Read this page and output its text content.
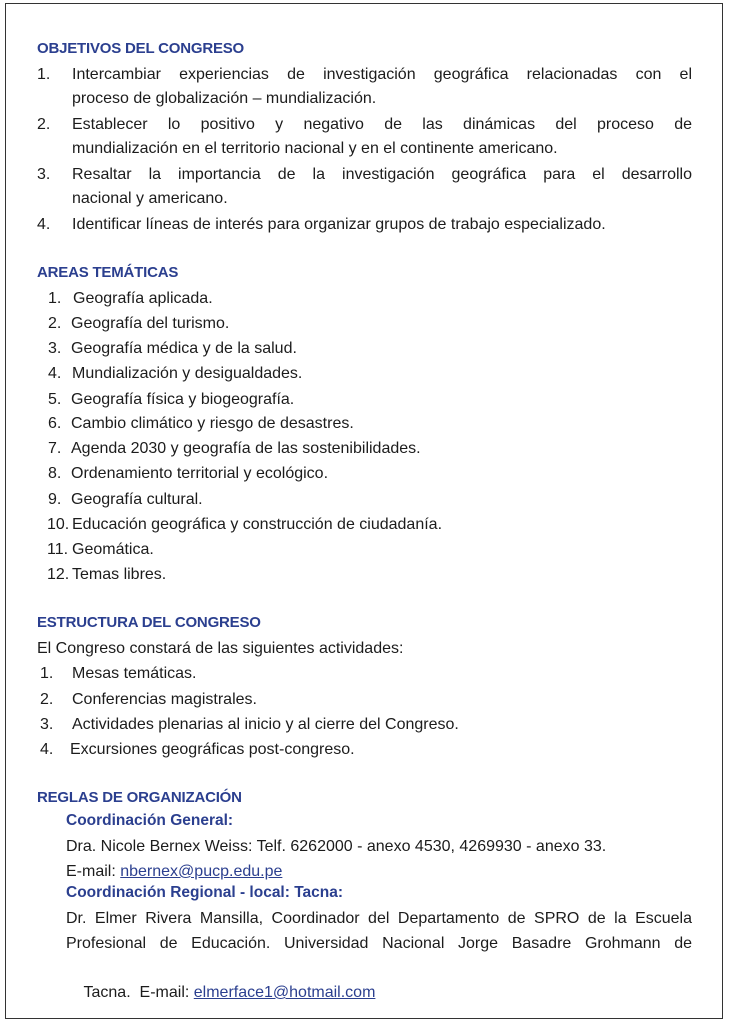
OBJETIVOS DEL CONGRESO
1. Intercambiar experiencias de investigación geográfica relacionadas con el
proceso de globalización – mundialización.
2. Establecer lo positivo y negativo de las dinámicas del proceso de
mundialización en el territorio nacional y en el continente americano.
3. Resaltar la importancia de la investigación geográfica para el desarrollo
nacional y americano.
4. Identificar líneas de interés para organizar grupos de trabajo especializado.
AREAS TEMÁTICAS
1. Geografía aplicada.
2. Geografía del turismo.
3. Geografía médica y de la salud.
4. Mundialización y desigualdades.
5. Geografía física y biogeografía.
6. Cambio climático y riesgo de desastres.
7. Agenda 2030 y geografía de las sostenibilidades.
8. Ordenamiento territorial y ecológico.
9. Geografía cultural.
10. Educación geográfica y construcción de ciudadanía.
11. Geomática.
12. Temas libres.
ESTRUCTURA DEL CONGRESO
El Congreso constará de las siguientes actividades:
1. Mesas temáticas.
2. Conferencias magistrales.
3. Actividades plenarias al inicio y al cierre del Congreso.
4. Excursiones geográficas post-congreso.
REGLAS DE ORGANIZACIÓN
Coordinación General:
Dra. Nicole Bernex Weiss: Telf. 6262000 - anexo 4530, 4269930 - anexo 33.
E-mail: nbernex@pucp.edu.pe
Coordinación Regional - local: Tacna:
Dr. Elmer Rivera Mansilla, Coordinador del Departamento de SPRO de la Escuela
Profesional de Educación. Universidad Nacional Jorge Basadre Grohmann de

Tacna.  E-mail: elmerface1@hotmail.com
